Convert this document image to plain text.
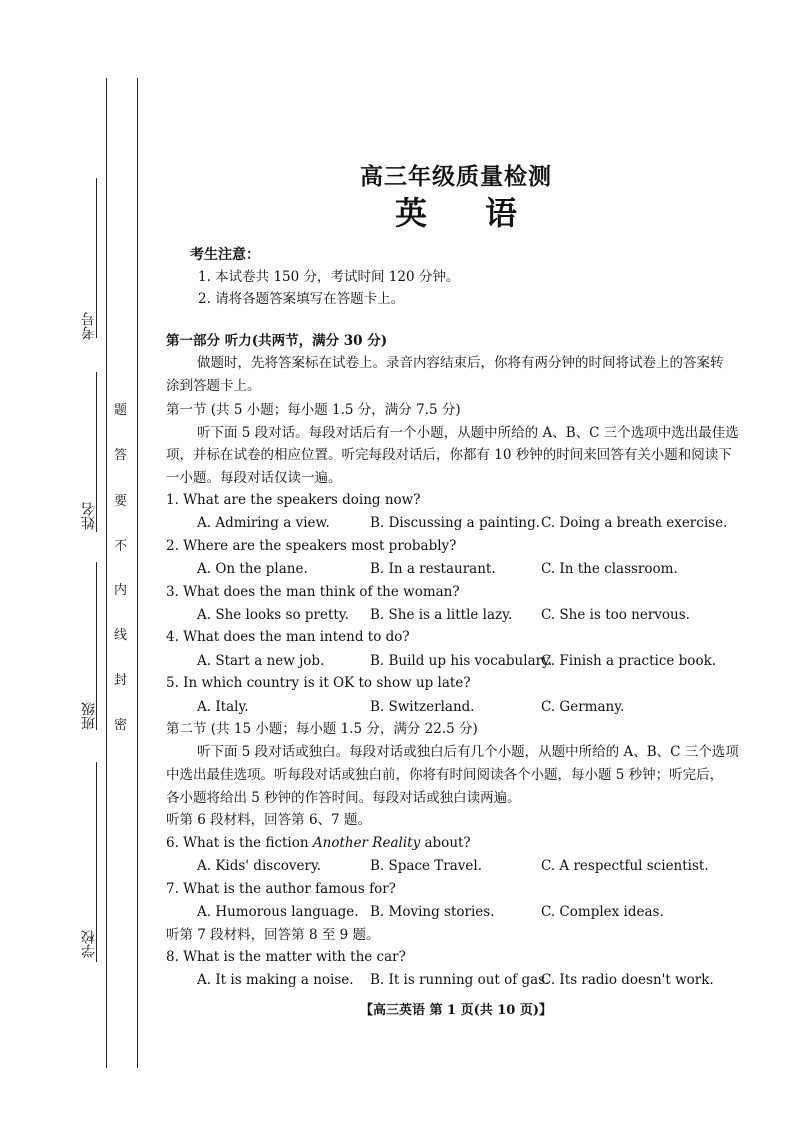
考号
姓名
班级
学校
题
答
要
不
内
线
封
密
高三年级质量检测
英 语
考生注意：
1. 本试卷共 150 分，考试时间 120 分钟。
2. 请将各题答案填写在答题卡上。
第一部分 听力(共两节，满分 30 分)
做题时，先将答案标在试卷上。录音内容结束后，你将有两分钟的时间将试卷上的答案转
涂到答题卡上。
第一节 (共 5 小题；每小题 1.5 分，满分 7.5 分)
听下面 5 段对话。每段对话后有一个小题，从题中所给的 A、B、C 三个选项中选出最佳选
项，并标在试卷的相应位置。听完每段对话后，你都有 10 秒钟的时间来回答有关小题和阅读下
一小题。每段对话仅读一遍。
1. What are the speakers doing now?
A. Admiring a view.	B. Discussing a painting. C. Doing a breath exercise.
2. Where are the speakers most probably?
A. On the plane.	B. In a restaurant.	C. In the classroom.
3. What does the man think of the woman?
A. She looks so pretty. B. She is a little lazy. C. She is too nervous.
4. What does the man intend to do?
A. Start a new job.	B. Build up his vocabulary.
C. Finish a practice book.
5. In which country is it OK to show up late?
A. Italy.	B. Switzerland.	C. Germany.
第二节 (共 15 小题；每小题 1.5 分，满分 22.5 分)
听下面 5 段对话或独白。每段对话或独白后有几个小题，从题中所给的 A、B、C 三个选项
中选出最佳选项。听每段对话或独白前，你将有时间阅读各个小题，每小题 5 秒钟；听完后，
各小题将给出 5 秒钟的作答时间。每段对话或独白读两遍。
听第 6 段材料，回答第 6、7 题。
6. What is the fiction Another Reality about?
A. Kids' discovery.	B. Space Travel.	C. A respectful scientist.
7. What is the author famous for?
A. Humorous language. B. Moving stories.	C. Complex ideas.
听第 7 段材料，回答第 8 至 9 题。
8. What is the matter with the car?
A. It is making a noise. B. It is running out of gas.
C. Its radio doesn't work.
【高三英语 第 1 页(共 10 页)】
